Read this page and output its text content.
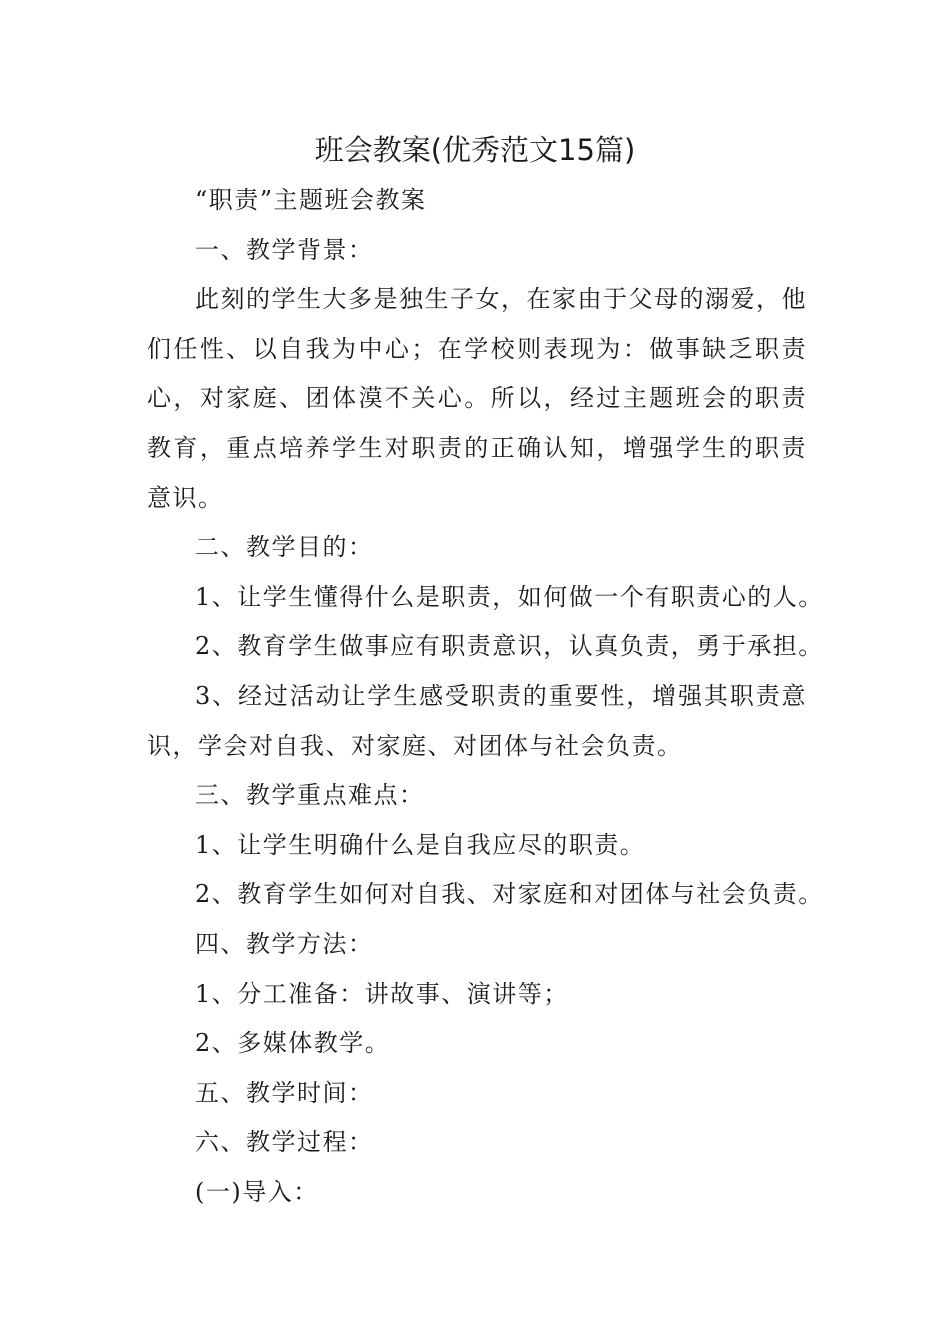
班会教案(优秀范文15篇)

“职责”主题班会教案

一、教学背景：

此刻的学生大多是独生子女，在家由于父母的溺爱，他们任性、以自我为中心；在学校则表现为：做事缺乏职责心，对家庭、团体漠不关心。所以，经过主题班会的职责教育，重点培养学生对职责的正确认知，增强学生的职责意识。

二、教学目的：

1、让学生懂得什么是职责，如何做一个有职责心的人。

2、教育学生做事应有职责意识，认真负责，勇于承担。

3、经过活动让学生感受职责的重要性，增强其职责意识，学会对自我、对家庭、对团体与社会负责。

三、教学重点难点：

1、让学生明确什么是自我应尽的职责。

2、教育学生如何对自我、对家庭和对团体与社会负责。

四、教学方法：

1、分工准备：讲故事、演讲等；

2、多媒体教学。

五、教学时间：

六、教学过程：

(一)导入：
